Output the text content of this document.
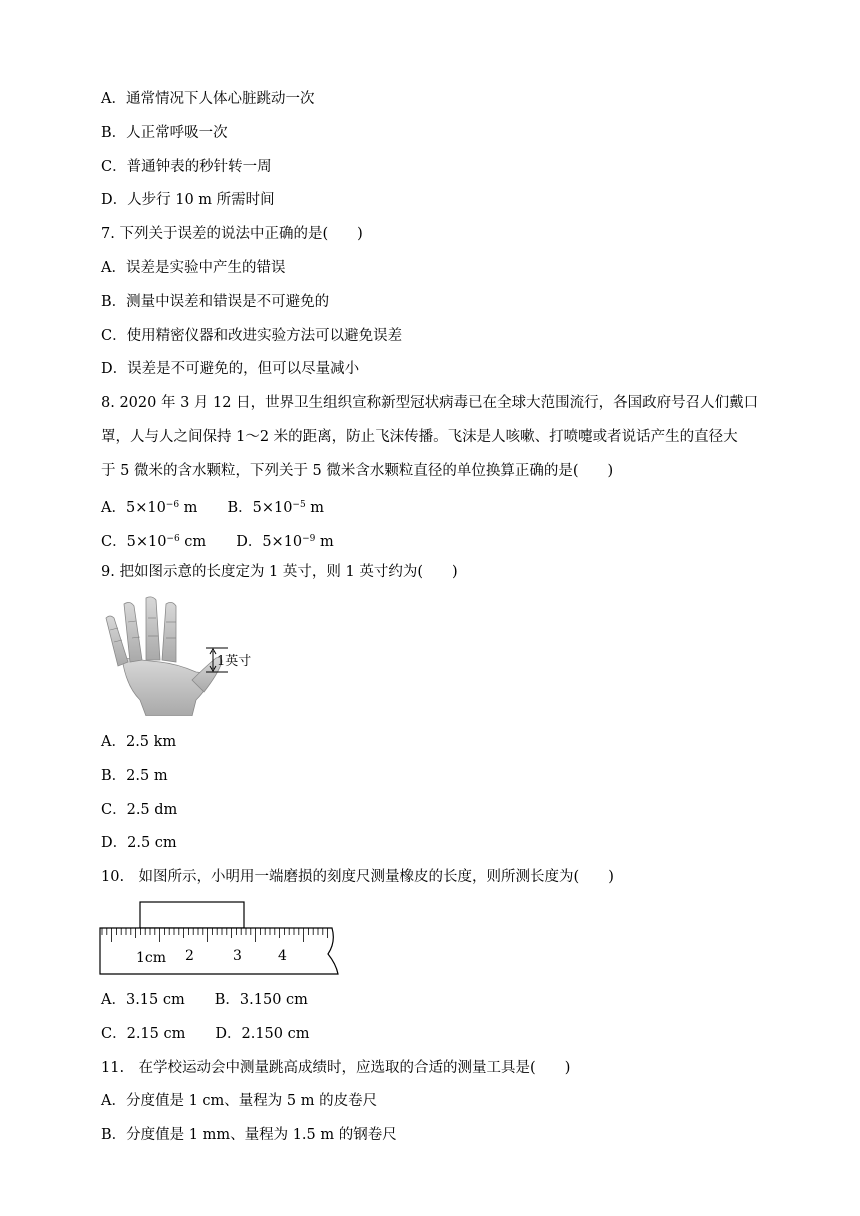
A．通常情况下人体心脏跳动一次
B．人正常呼吸一次
C．普通钟表的秒针转一周
D．人步行 10 m 所需时间
7. 下列关于误差的说法中正确的是(　　)
A．误差是实验中产生的错误
B．测量中误差和错误是不可避免的
C．使用精密仪器和改进实验方法可以避免误差
D．误差是不可避免的，但可以尽量减小
8. 2020 年 3 月 12 日，世界卫生组织宣称新型冠状病毒已在全球大范围流行，各国政府号召人们戴口
罩，人与人之间保持 1～2 米的距离，防止飞沫传播。飞沫是人咳嗽、打喷嚏或者说话产生的直径大
于 5 微米的含水颗粒，下列关于 5 微米含水颗粒直径的单位换算正确的是(　　)
A．$5\times 10^{-6}$ m B．$5\times 10^{-5}$ m
C．$5\times 10^{-6}$ cm D．$5\times 10^{-9}$ m
9. 把如图示意的长度定为 1 英寸，则 1 英寸约为(　　)
1英寸
A．2.5 km
B．2.5 m
C．2.5 dm
D．2.5 cm
10.　如图所示，小明用一端磨损的刻度尺测量橡皮的长度，则所测长度为(　　)
1cm 2	3	4
A．3.15 cm B．3.150 cm
C．2.15 cm D．2.150 cm
11.　在学校运动会中测量跳高成绩时，应选取的合适的测量工具是(　　)
A．分度值是 1 cm、量程为 5 m 的皮卷尺
B．分度值是 1 mm、量程为 1.5 m 的钢卷尺
